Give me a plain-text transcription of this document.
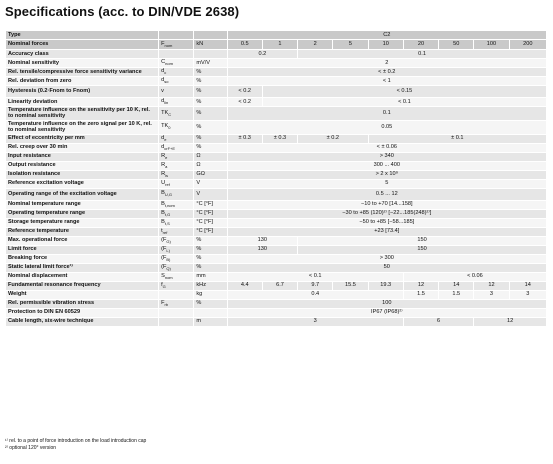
Specifications (acc. to DIN/VDE 2638)
Type			C2								
Nominal forces	$F_{nom}$	kN	0.5	1	2	5	10	20	50	100	200
Accuracy class			0.2		0.1						
Nominal sensitivity	$C_{nom}$	mV/V	2								
Rel. tensile/compressive force sensitivity variance	$d_c$	%	< ± 0.2								
Rel. deviation from zero	$d_{so}$	%	< 1								
Hysteresis (0.2·Fnom to Fnom)	v	%	< 0.2	< 0.15							
Linearity deviation	$d_{lin}$	%	< 0.2	< 0.1							
Temperature influence on the sensitivity per 10 K, rel. to nominal sensitivity	$TK_C$	%	0.1								
Temperature influence on the zero signal per 10 K, rel. to nominal sensitivity	$TK_0$	%	0.05								
Effect of eccentricity per mm	$d_e$	%	± 0.3	± 0.3	± 0.2		± 0.1				
Rel. creep over 30 min	$d_{crF+E}$	%	< ± 0.06								
Input resistance	$R_e$	Ω	> 340								
Output resistance	$R_a$	Ω	300 ... 400								
Isolation resistance	$R_{is}$	GΩ	> 2 x 10⁹								
Reference excitation voltage	$U_{ref}$	V	5								
Operating range of the excitation voltage	$B_{U,G}$	V	0.5 ... 12								
Nominal temperature range	$B_{t,nom}$	°C [°F]	−10 to +70 [14...158]								
Operating temperature range	$B_{t,G}$	°C [°F]	−30 to +85 (120)²⁾ [−22...185(248)²⁾]								
Storage temperature range	$B_{t,S}$	°C [°F]	−50 to +85 [−58...185]								
Reference temperature	$t_{ref}$	°C [°F]	+23 [73.4]								
Max. operational force	($F_{G)}$	%	130		150						
Limit force	($F_{L)}$	%	130		150						
Breaking force	($F_{B)}$	%	> 300								
Static lateral limit force¹⁾	($F_{Q)}$	%	50								
Nominal displacement	$S_{nom}$	mm	< 0.1					< 0.06			
Fundamental resonance frequency	$f_G$	kHz	4.4	6.7	9.7	15.5	19.3	12	14	12	14
Weight		kg	0.4					1.5	1.5	3	3
Rel. permissible vibration stress	$F_{rb}$	%	100								
Protection to DIN EN 60529			IP67 (IP68)²⁾								
Cable length, six-wire technique		m	3					6		12	
¹⁾ rel. to a point of force introduction on the load introduction cap
²⁾ optional 120° version
